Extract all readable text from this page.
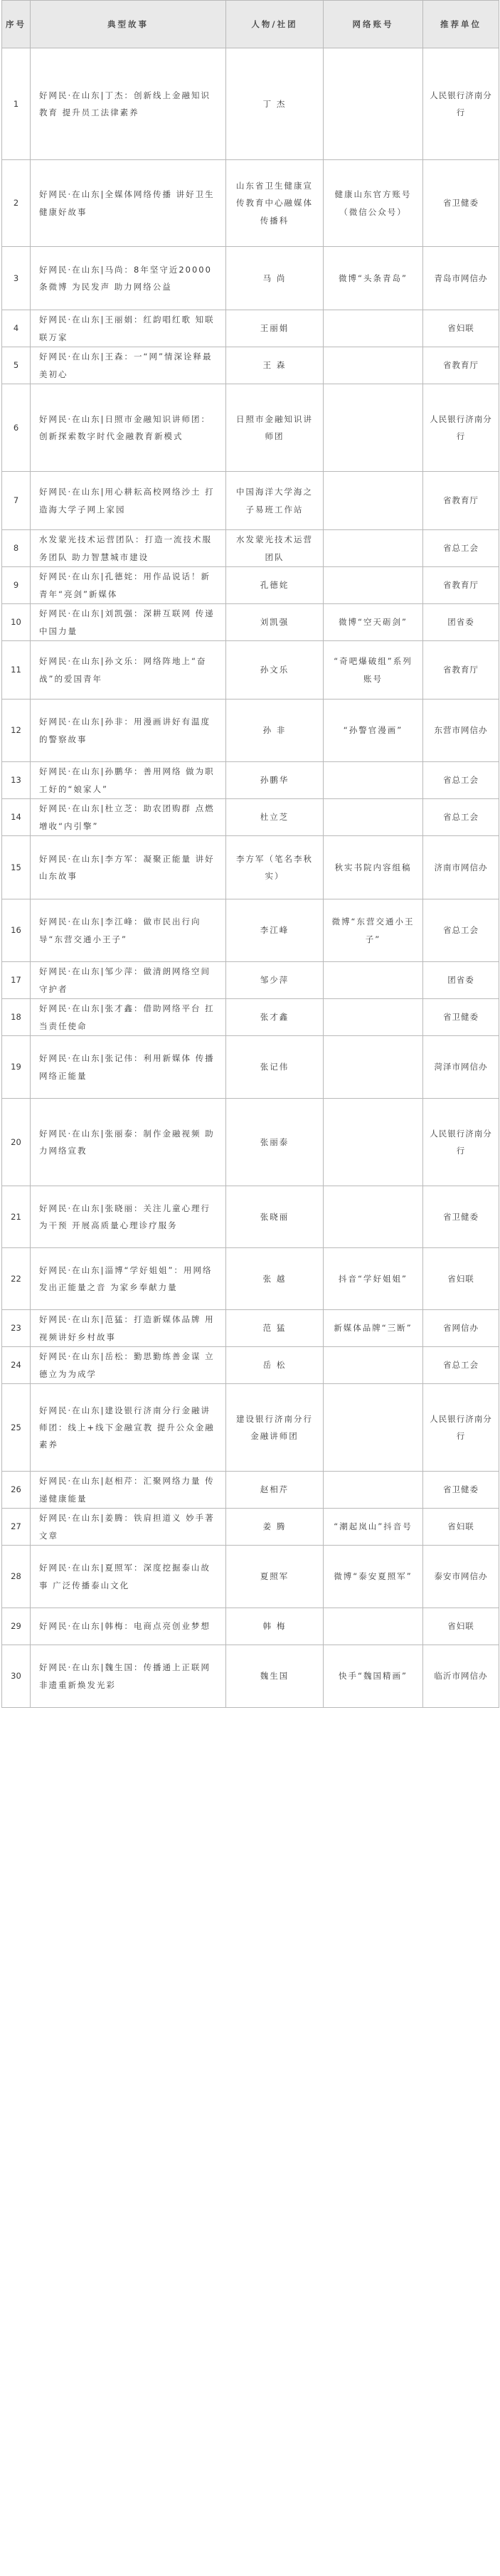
序号	典型故事	人物/社团	网络账号	推荐单位
1	好网民·在山东|丁杰：创新线上金融知识教育 提升员工法律素养	丁 杰		人民银行济南分行
2	好网民·在山东|全媒体网络传播 讲好卫生健康好故事	山东省卫生健康宣传教育中心融媒体传播科	健康山东官方账号（微信公众号）	省卫健委
3	好网民·在山东|马尚：8年坚守近20000条微博 为民发声 助力网络公益	马 尚	微博“头条青岛”	青岛市网信办
4	好网民·在山东|王丽娟：红韵唱红歌 知联联万家	王丽娟		省妇联
5	好网民·在山东|王森：一“网”情深诠释最美初心	王 森		省教育厅
6	好网民·在山东|日照市金融知识讲师团：创新探索数字时代金融教育新模式	日照市金融知识讲师团		人民银行济南分行
7	好网民·在山东|用心耕耘高校网络沙土 打造海大学子网上家园	中国海洋大学海之子易班工作站		省教育厅
8	水发蒙光技术运营团队：打造一流技术服务团队 助力智慧城市建设	水发蒙光技术运营团队		省总工会
9	好网民·在山东|孔德姹：用作品说话！新青年“亮剑”新媒体	孔德姹		省教育厅
10	好网民·在山东|刘凯强：深耕互联网 传递中国力量	刘凯强	微博“空天砺剑”	团省委
11	好网民·在山东|孙文乐：网络阵地上“奋战”的爱国青年	孙文乐	“奇吧爆破组”系列账号	省教育厅
12	好网民·在山东|孙非：用漫画讲好有温度的警察故事	孙 非	“孙警官漫画”	东营市网信办
13	好网民·在山东|孙鹏华：善用网络 做为职工好的“娘家人”	孙鹏华		省总工会
14	好网民·在山东|杜立芝：助农团购群 点燃增收“内引擎”	杜立芝		省总工会
15	好网民·在山东|李方军：凝聚正能量 讲好山东故事	李方军（笔名李秋实）	秋实书院内容组稿	济南市网信办
16	好网民·在山东|李江峰：做市民出行向导“东营交通小王子”	李江峰	微博“东营交通小王子”	省总工会
17	好网民·在山东|邹少萍：做清朗网络空间守护者	邹少萍		团省委
18	好网民·在山东|张才鑫：借助网络平台 扛当责任使命	张才鑫		省卫健委
19	好网民·在山东|张记伟：利用新媒体 传播网络正能量	张记伟		菏泽市网信办
20	好网民·在山东|张丽泰：制作金融视频 助力网络宣教	张丽泰		人民银行济南分行
21	好网民·在山东|张晓丽：关注儿童心理行为干预 开展高质量心理诊疗服务	张晓丽		省卫健委
22	好网民·在山东|淄博“学好姐姐”：用网络发出正能量之音 为家乡奉献力量	张 越	抖音“学好姐姐”	省妇联
23	好网民·在山东|范猛：打造新媒体品牌 用视频讲好乡村故事	范 猛	新媒体品牌“三断”	省网信办
24	好网民·在山东|岳松：勤思勤练善金谋 立德立为为成学	岳 松		省总工会
25	好网民·在山东|建设银行济南分行金融讲师团：线上+线下金融宣教 提升公众金融素养	建设银行济南分行金融讲师团		人民银行济南分行
26	好网民·在山东|赵相芹：汇聚网络力量 传递健康能量	赵相芹		省卫健委
27	好网民·在山东|姜腾：铁肩担道义 妙手著文章	姜 腾	“潮起岚山”抖音号	省妇联
28	好网民·在山东|夏照军：深度挖掘泰山故事 广泛传播泰山文化	夏照军	微博“泰安夏照军”	泰安市网信办
29	好网民·在山东|韩梅：电商点亮创业梦想	韩 梅		省妇联
30	好网民·在山东|魏生国：传播通上正联网 非遗重新焕发光彩	魏生国	快手“魏国精画”	临沂市网信办
